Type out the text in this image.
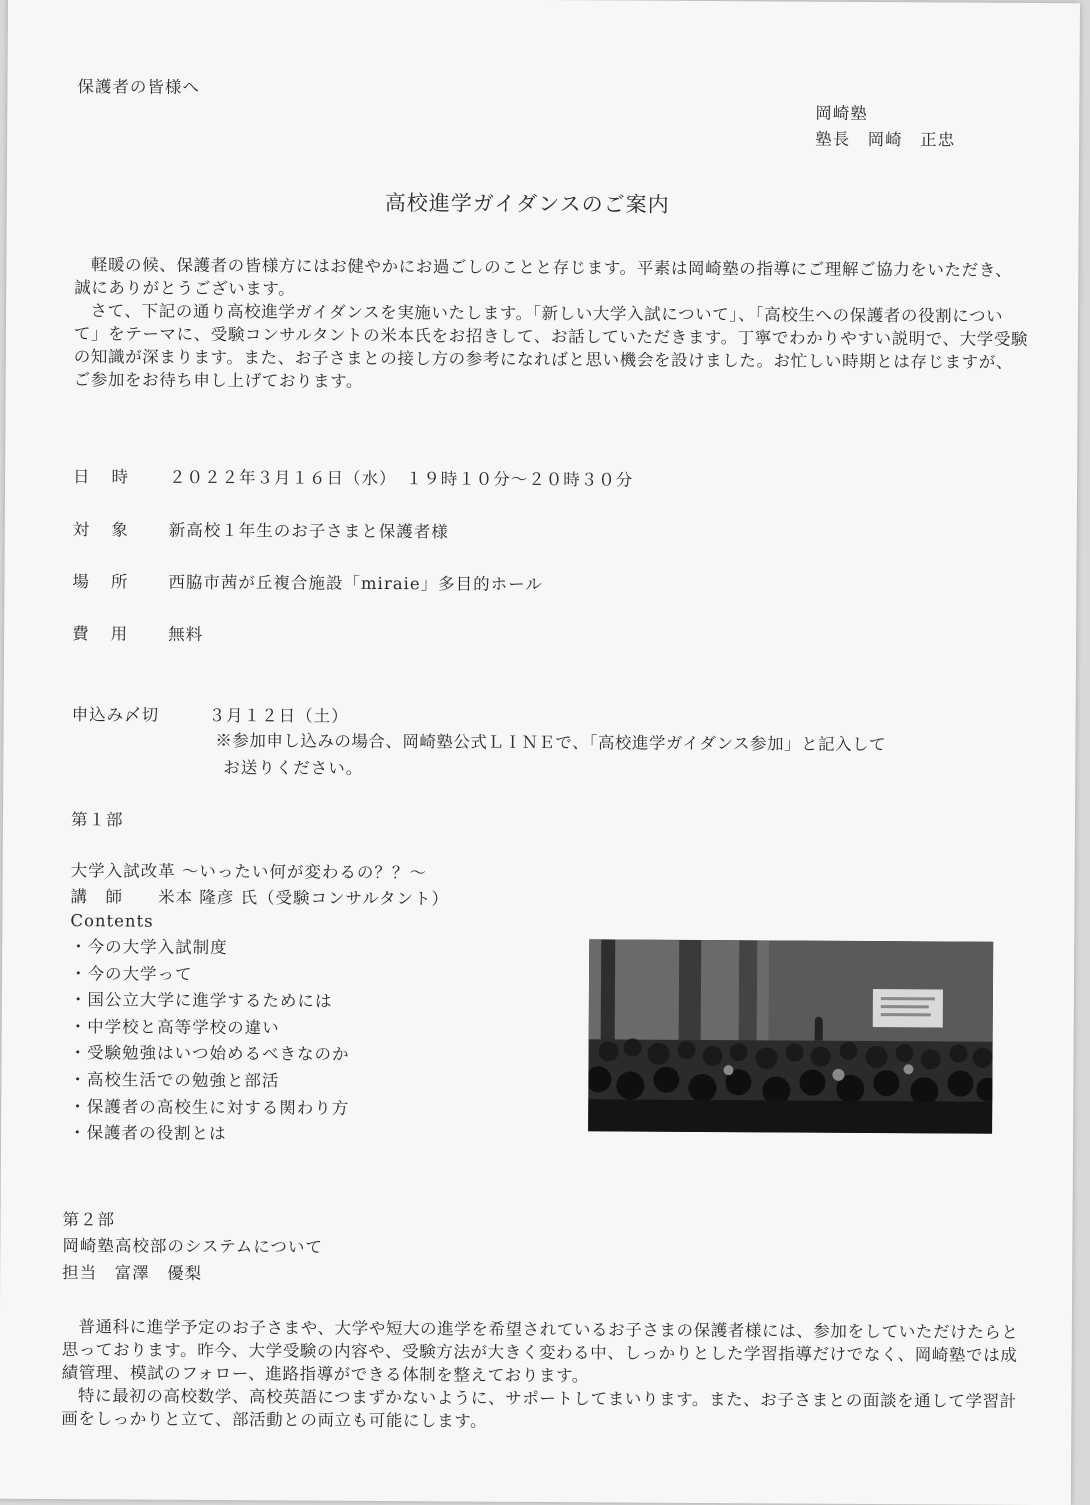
保護者の皆様へ
岡崎塾
塾長　岡崎　正忠
高校進学ガイダンスのご案内

軽暖の候、保護者の皆様方にはお健やかにお過ごしのことと存じます。平素は岡崎塾の指導にご理解ご協力をいただき、誠にありがとうございます。

さて、下記の通り高校進学ガイダンスを実施いたします。「新しい大学入試について」、「高校生への保護者の役割について」をテーマに、受験コンサルタントの米本氏をお招きして、お話していただきます。丁寧でわかりやすい説明で、大学受験の知識が深まります。また、お子さまとの接し方の参考になればと思い機会を設けました。お忙しい時期とは存じますが、ご参加をお待ち申し上げております。

日時 ２０２２年３月１６日（水）　１９時１０分～２０時３０分
対象 新高校１年生のお子さまと保護者様
場所 西脇市茜が丘複合施設「miraie」多目的ホール
費用 無料
申込み〆切	３月１２日（土）
※参加申し込みの場合、岡崎塾公式ＬＩＮＥで、「高校進学ガイダンス参加」と記入して
お送りください。
第１部
大学入試改革 ～いったい何が変わるの？？～
講　師　　米本 隆彦 氏（受験コンサルタント）
Contents
・ 今の大学入試制度
・ 今の大学って
・ 国公立大学に進学するためには
・ 中学校と高等学校の違い
・ 受験勉強はいつ始めるべきなのか
・ 高校生活での勉強と部活
・ 保護者の高校生に対する関わり方
・ 保護者の役割とは
第２部
岡崎塾高校部のシステムについて
担当　富澤　優梨

普通科に進学予定のお子さまや、大学や短大の進学を希望されているお子さまの保護者様には、参加をしていただけたらと思っております。昨今、大学受験の内容や、受験方法が大きく変わる中、しっかりとした学習指導だけでなく、岡崎塾では成績管理、模試のフォロー、進路指導ができる体制を整えております。

特に最初の高校数学、高校英語につまずかないように、サポートしてまいります。また、お子さまとの面談を通して学習計画をしっかりと立て、部活動との両立も可能にします。
